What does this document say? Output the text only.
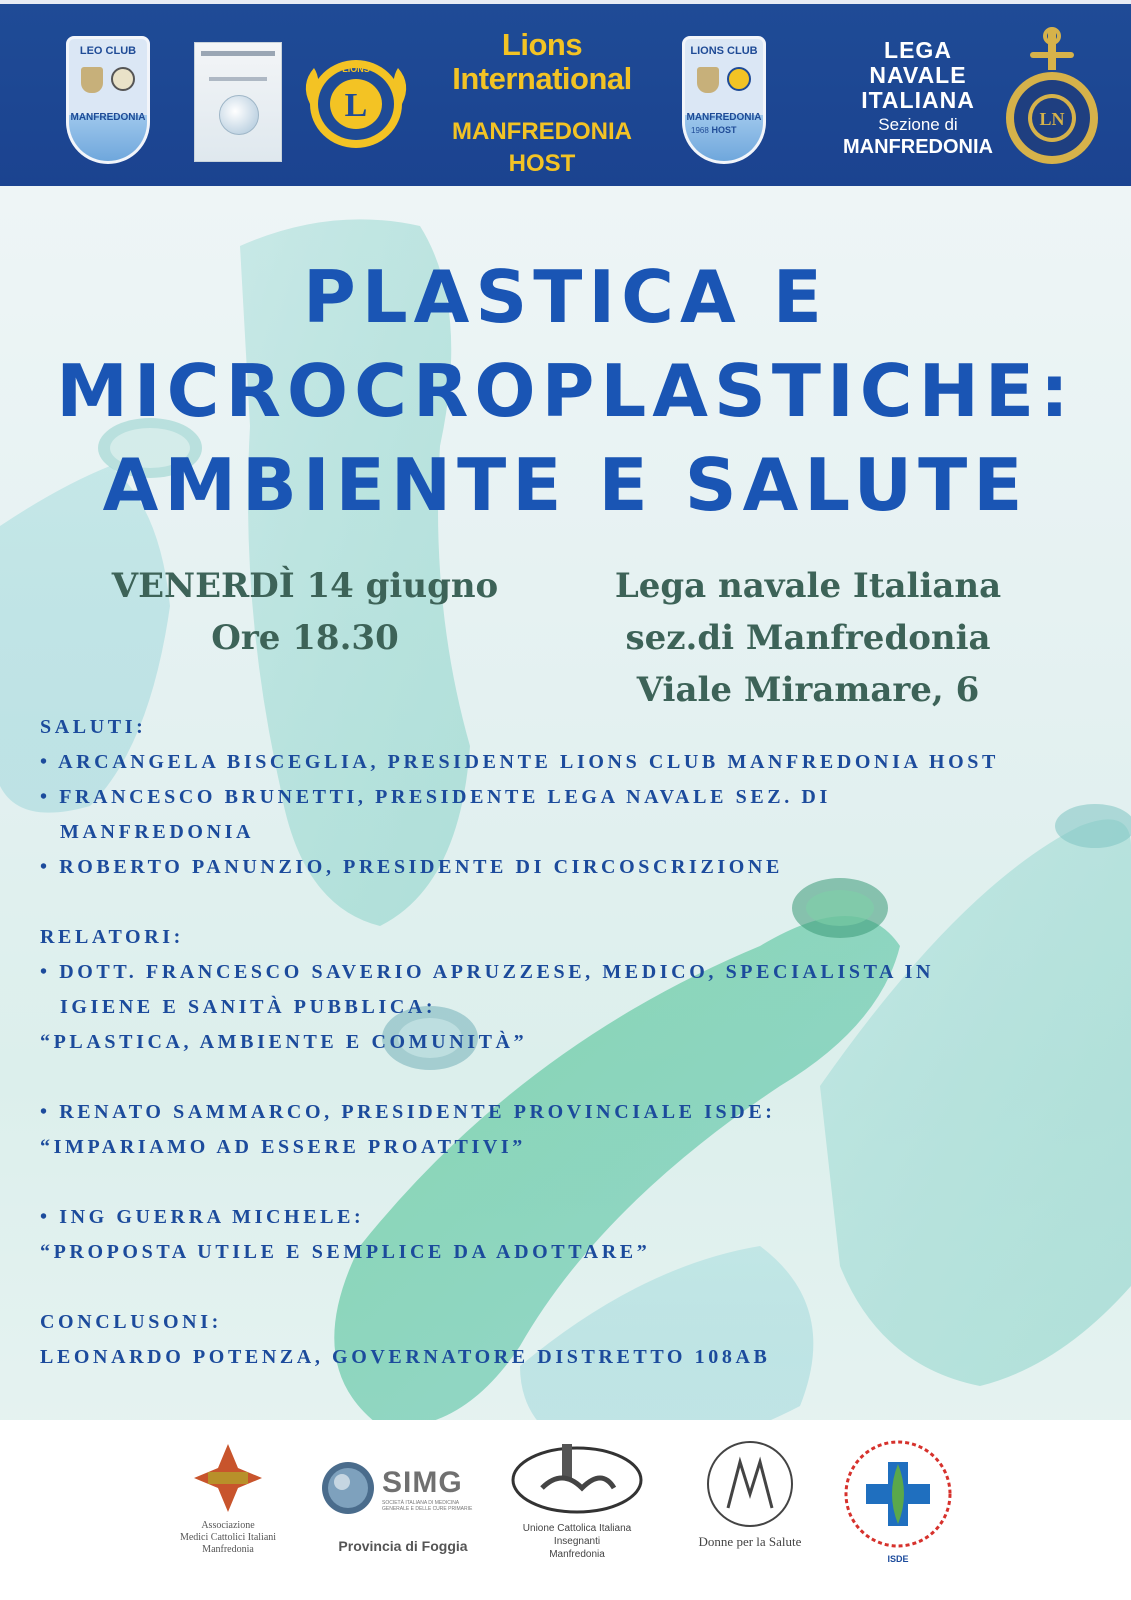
LEO CLUB
MANFREDONIA	L
LIONS
Lions
International
MANFREDONIA
HOST
LIONS CLUB
MANFREDONIA
HOST
1968
LEGA
NAVALE
ITALIANA
Sezione di
MANFREDONIA
LN
PLASTICA E
MICROCROPLASTICHE:
AMBIENTE E SALUTE
VENERDÌ 14 giugno
Ore 18.30
Lega navale Italiana
sez.di Manfredonia
Viale Miramare, 6
SALUTI:
• ARCANGELA BISCEGLIA, PRESIDENTE LIONS CLUB MANFREDONIA HOST
• FRANCESCO BRUNETTI, PRESIDENTE LEGA NAVALE SEZ. DI
MANFREDONIA
• ROBERTO PANUNZIO, PRESIDENTE DI CIRCOSCRIZIONE
RELATORI:
• DOTT. FRANCESCO SAVERIO APRUZZESE, MEDICO, SPECIALISTA IN
IGIENE E SANITÀ PUBBLICA:
“PLASTICA, AMBIENTE E COMUNITÀ”
• RENATO SAMMARCO, PRESIDENTE PROVINCIALE ISDE:
“IMPARIAMO AD ESSERE PROATTIVI”
• ING GUERRA MICHELE:
“PROPOSTA UTILE E SEMPLICE DA ADOTTARE”
CONCLUSONI:
LEONARDO POTENZA, GOVERNATORE DISTRETTO 108AB
Associazione
Medici Cattolici Italiani
Manfredonia
SIMG
SOCIETÀ ITALIANA DI MEDICINA GENERALE E DELLE CURE PRIMARIE
Provincia di Foggia
Unione Cattolica Italiana Insegnanti
Manfredonia
Donne per la Salute
ISDE
